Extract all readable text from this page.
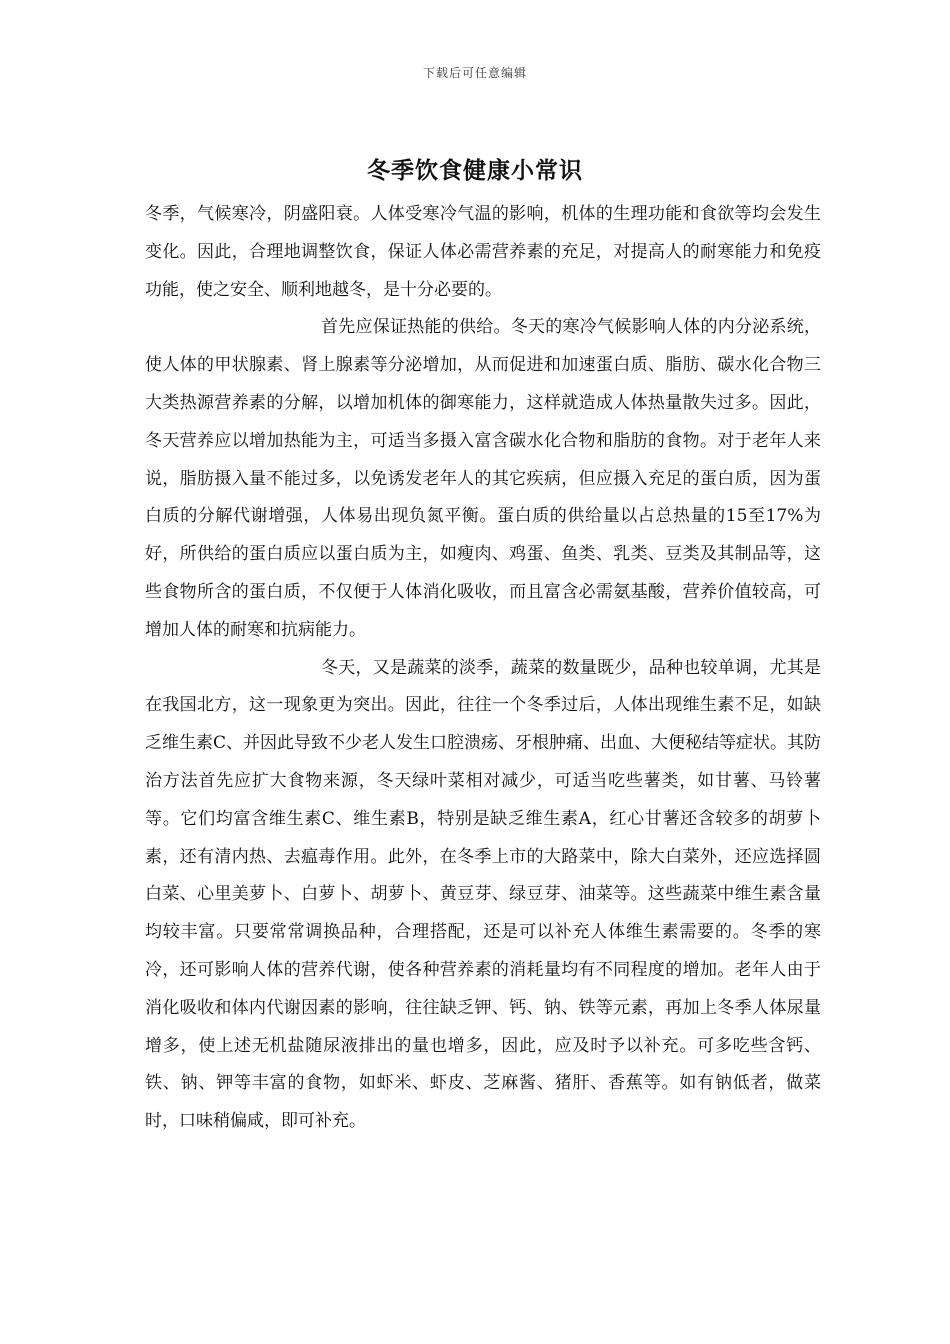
下载后可任意编辑
冬季饮食健康小常识

冬季，气候寒冷，阴盛阳衰。人体受寒冷气温的影响，机体的生理功能和食欲等均会发生变化。因此，合理地调整饮食，保证人体必需营养素的充足，对提高人的耐寒能力和免疫功能，使之安全、顺利地越冬，是十分必要的。

首先应保证热能的供给。冬天的寒冷气候影响人体的内分泌系统，使人体的甲状腺素、肾上腺素等分泌增加，从而促进和加速蛋白质、脂肪、碳水化合物三大类热源营养素的分解，以增加机体的御寒能力，这样就造成人体热量散失过多。因此，冬天营养应以增加热能为主，可适当多摄入富含碳水化合物和脂肪的食物。对于老年人来说，脂肪摄入量不能过多，以免诱发老年人的其它疾病，但应摄入充足的蛋白质，因为蛋白质的分解代谢增强，人体易出现负氮平衡。蛋白质的供给量以占总热量的15至17%为好，所供给的蛋白质应以蛋白质为主，如瘦肉、鸡蛋、鱼类、乳类、豆类及其制品等，这些食物所含的蛋白质，不仅便于人体消化吸收，而且富含必需氨基酸，营养价值较高，可增加人体的耐寒和抗病能力。

冬天，又是蔬菜的淡季，蔬菜的数量既少，品种也较单调，尤其是在我国北方，这一现象更为突出。因此，往往一个冬季过后，人体出现维生素不足，如缺乏维生素C、并因此导致不少老人发生口腔溃疡、牙根肿痛、出血、大便秘结等症状。其防治方法首先应扩大食物来源，冬天绿叶菜相对减少，可适当吃些薯类，如甘薯、马铃薯等。它们均富含维生素C、维生素B，特别是缺乏维生素A，红心甘薯还含较多的胡萝卜素，还有清内热、去瘟毒作用。此外，在冬季上市的大路菜中，除大白菜外，还应选择圆白菜、心里美萝卜、白萝卜、胡萝卜、黄豆芽、绿豆芽、油菜等。这些蔬菜中维生素含量均较丰富。只要常常调换品种，合理搭配，还是可以补充人体维生素需要的。冬季的寒冷，还可影响人体的营养代谢，使各种营养素的消耗量均有不同程度的增加。老年人由于消化吸收和体内代谢因素的影响，往往缺乏钾、钙、钠、铁等元素，再加上冬季人体尿量增多，使上述无机盐随尿液排出的量也增多，因此，应及时予以补充。可多吃些含钙、铁、钠、钾等丰富的食物，如虾米、虾皮、芝麻酱、猪肝、香蕉等。如有钠低者，做菜时，口味稍偏咸，即可补充。
